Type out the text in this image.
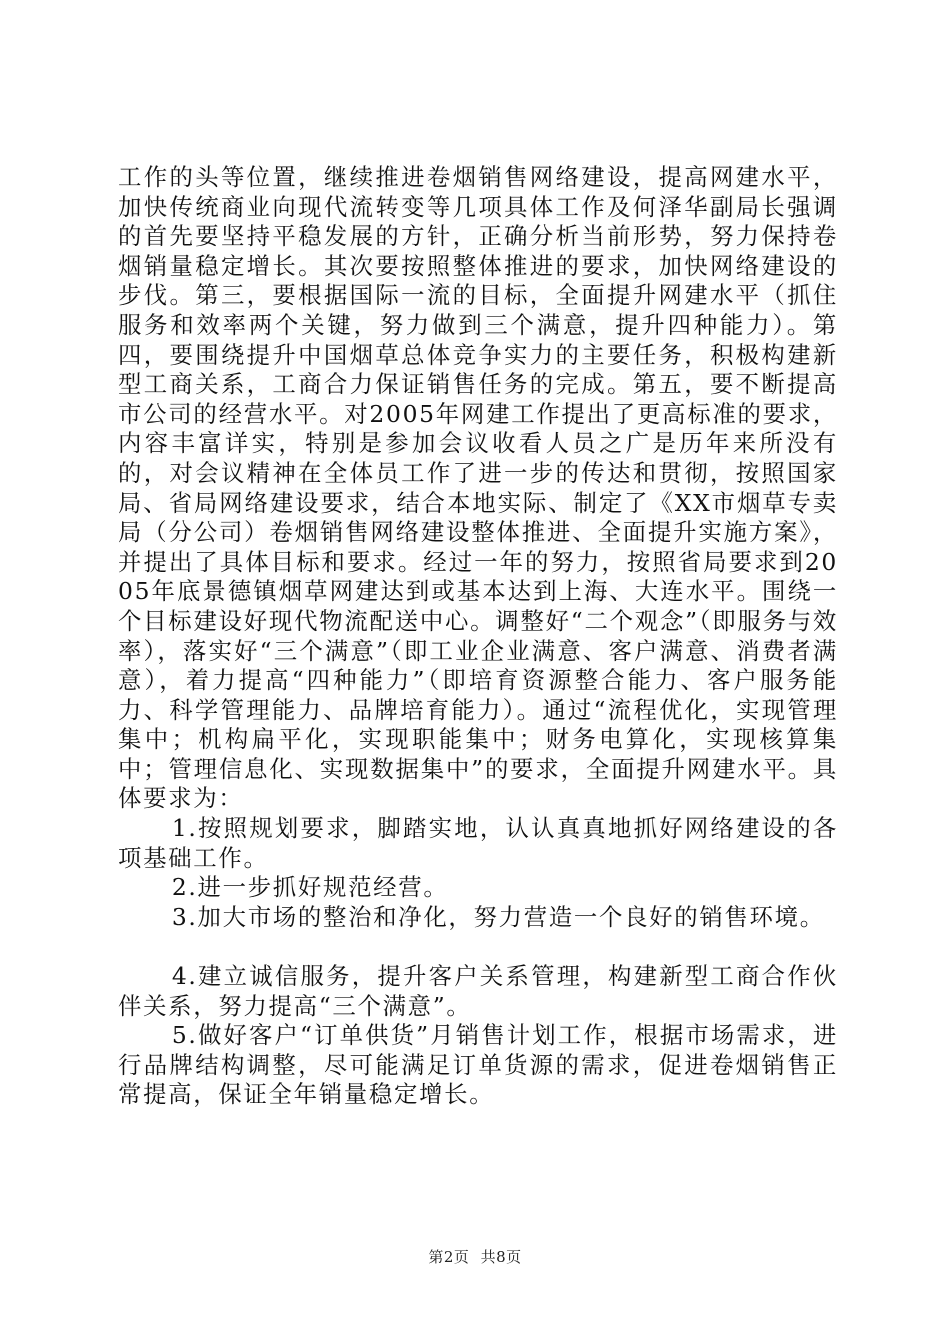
工作的头等位置，继续推进卷烟销售网络建设，提高网建水平，加快传统商业向现代流转变等几项具体工作及何泽华副局长强调的首先要坚持平稳发展的方针，正确分析当前形势，努力保持卷烟销量稳定增长。其次要按照整体推进的要求，加快网络建设的步伐。第三，要根据国际一流的目标，全面提升网建水平（抓住服务和效率两个关键，努力做到三个满意，提升四种能力）。第四，要围绕提升中国烟草总体竞争实力的主要任务，积极构建新型工商关系，工商合力保证销售任务的完成。第五，要不断提高市公司的经营水平。对2005年网建工作提出了更高标准的要求，内容丰富详实，特别是参加会议收看人员之广是历年来所没有的，对会议精神在全体员工作了进一步的传达和贯彻，按照国家局、省局网络建设要求，结合本地实际、制定了《XX市烟草专卖局（分公司）卷烟销售网络建设整体推进、全面提升实施方案》，并提出了具体目标和要求。经过一年的努力，按照省局要求到2005年底景德镇烟草网建达到或基本达到上海、大连水平。围绕一个目标建设好现代物流配送中心。调整好“二个观念”（即服务与效率），落实好“三个满意”（即工业企业满意、客户满意、消费者满意），着力提高“四种能力”（即培育资源整合能力、客户服务能力、科学管理能力、品牌培育能力）。通过“流程优化，实现管理集中；机构扁平化，实现职能集中；财务电算化，实现核算集中；管理信息化、实现数据集中”的要求，全面提升网建水平。具体要求为：

1.按照规划要求，脚踏实地，认认真真地抓好网络建设的各项基础工作。

2.进一步抓好规范经营。

3.加大市场的整治和净化，努力营造一个良好的销售环境。

4.建立诚信服务，提升客户关系管理，构建新型工商合作伙伴关系，努力提高“三个满意”。

5.做好客户“订单供货”月销售计划工作，根据市场需求，进行品牌结构调整，尽可能满足订单货源的需求，促进卷烟销售正常提高，保证全年销量稳定增长。

第2页 共8页
